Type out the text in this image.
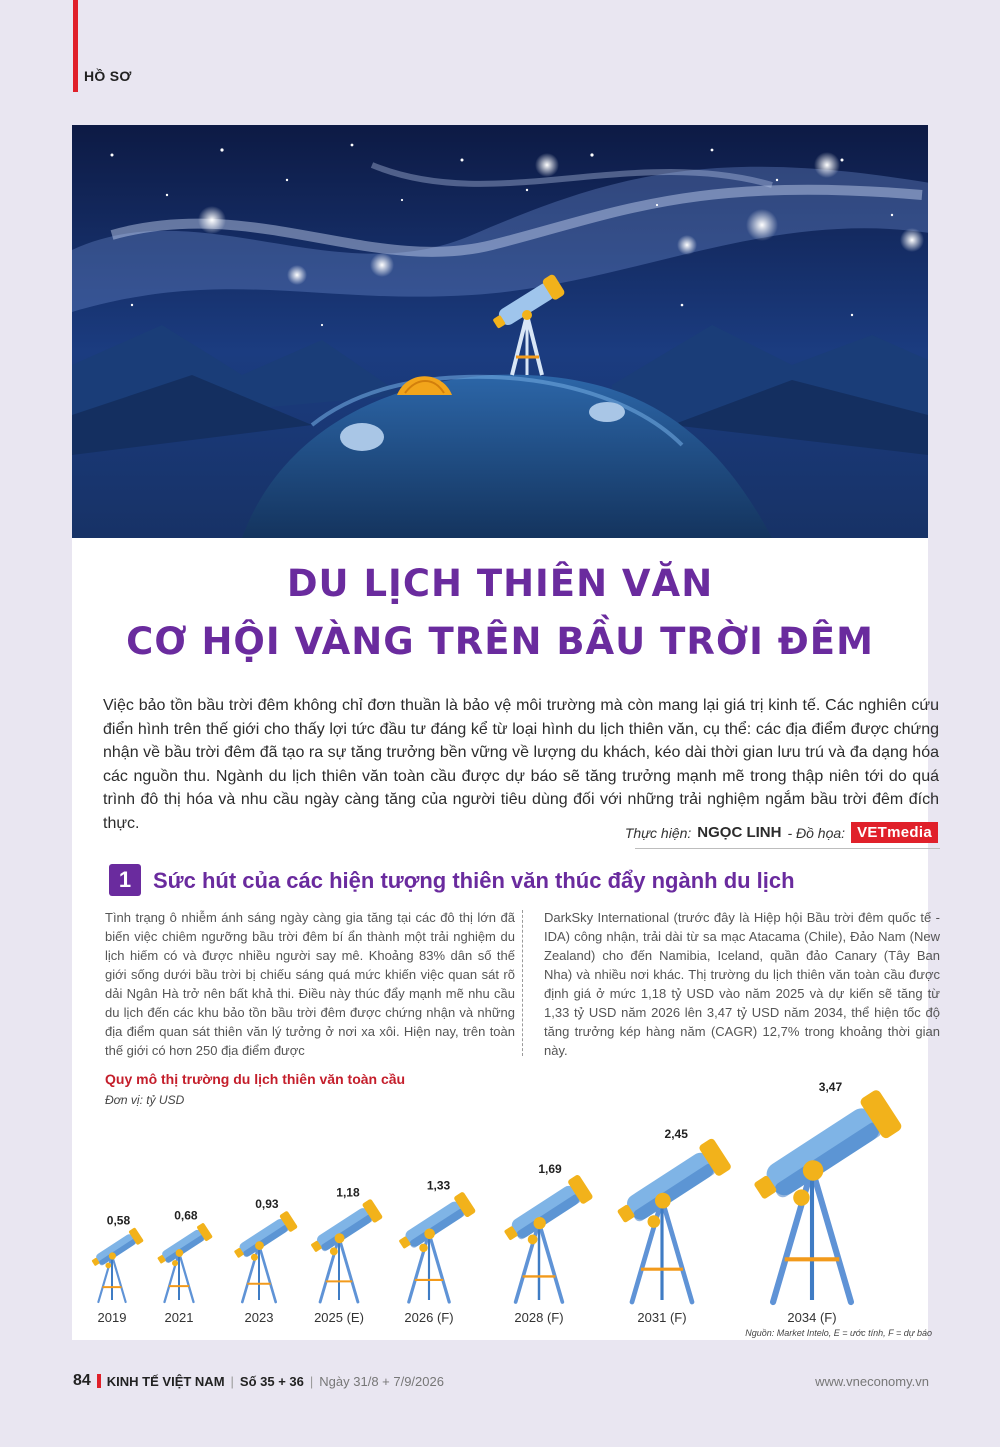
HỒ SƠ
DU LỊCH THIÊN VĂN
CƠ HỘI VÀNG TRÊN BẦU TRỜI ĐÊM

Việc bảo tồn bầu trời đêm không chỉ đơn thuần là bảo vệ môi trường mà còn mang lại giá trị kinh tế. Các nghiên cứu điển hình trên thế giới cho thấy lợi tức đầu tư đáng kể từ loại hình du lịch thiên văn, cụ thể: các địa điểm được chứng nhận về bầu trời đêm đã tạo ra sự tăng trưởng bền vững về lượng du khách, kéo dài thời gian lưu trú và đa dạng hóa các nguồn thu. Ngành du lịch thiên văn toàn cầu được dự báo sẽ tăng trưởng mạnh mẽ trong thập niên tới do quá trình đô thị hóa và nhu cầu ngày càng tăng của người tiêu dùng đối với những trải nghiệm ngắm bầu trời đêm đích thực.

Thực hiện: NGỌC LINH - Đồ họa: VETmedia
1 Sức hút của các hiện tượng thiên văn thúc đẩy ngành du lịch

Tình trạng ô nhiễm ánh sáng ngày càng gia tăng tại các đô thị lớn đã biến việc chiêm ngưỡng bầu trời đêm bí ẩn thành một trải nghiệm du lịch hiếm có và được nhiều người say mê. Khoảng 83% dân số thế giới sống dưới bầu trời bị chiếu sáng quá mức khiến việc quan sát rõ dải Ngân Hà trở nên bất khả thi. Điều này thúc đẩy mạnh mẽ nhu cầu du lịch đến các khu bảo tồn bầu trời đêm được chứng nhận và những địa điểm quan sát thiên văn lý tưởng ở nơi xa xôi. Hiện nay, trên toàn thế giới có hơn 250 địa điểm được

DarkSky International (trước đây là Hiệp hội Bầu trời đêm quốc tế - IDA) công nhận, trải dài từ sa mạc Atacama (Chile), Đảo Nam (New Zealand) cho đến Namibia, Iceland, quần đảo Canary (Tây Ban Nha) và nhiều nơi khác. Thị trường du lịch thiên văn toàn cầu được định giá ở mức 1,18 tỷ USD vào năm 2025 và dự kiến sẽ tăng từ 1,33 tỷ USD năm 2026 lên 3,47 tỷ USD năm 2034, thể hiện tốc độ tăng trưởng kép hàng năm (CAGR) 12,7% trong khoảng thời gian này.

Quy mô thị trường du lịch thiên văn toàn cầu
Đơn vị: tỷ USD
0,58
2019
0,68
2021
0,93
2023
1,18
2025 (E)
1,33
2026 (F)
1,69
2028 (F)
2,45
2031 (F)
3,47
2034 (F)
Nguồn: Market Intelo, E = ước tính, F = dự báo
84 KINH TẾ VIỆT NAM | Số 35 + 36 | Ngày 31/8 + 7/9/2026	www.vneconomy.vn
